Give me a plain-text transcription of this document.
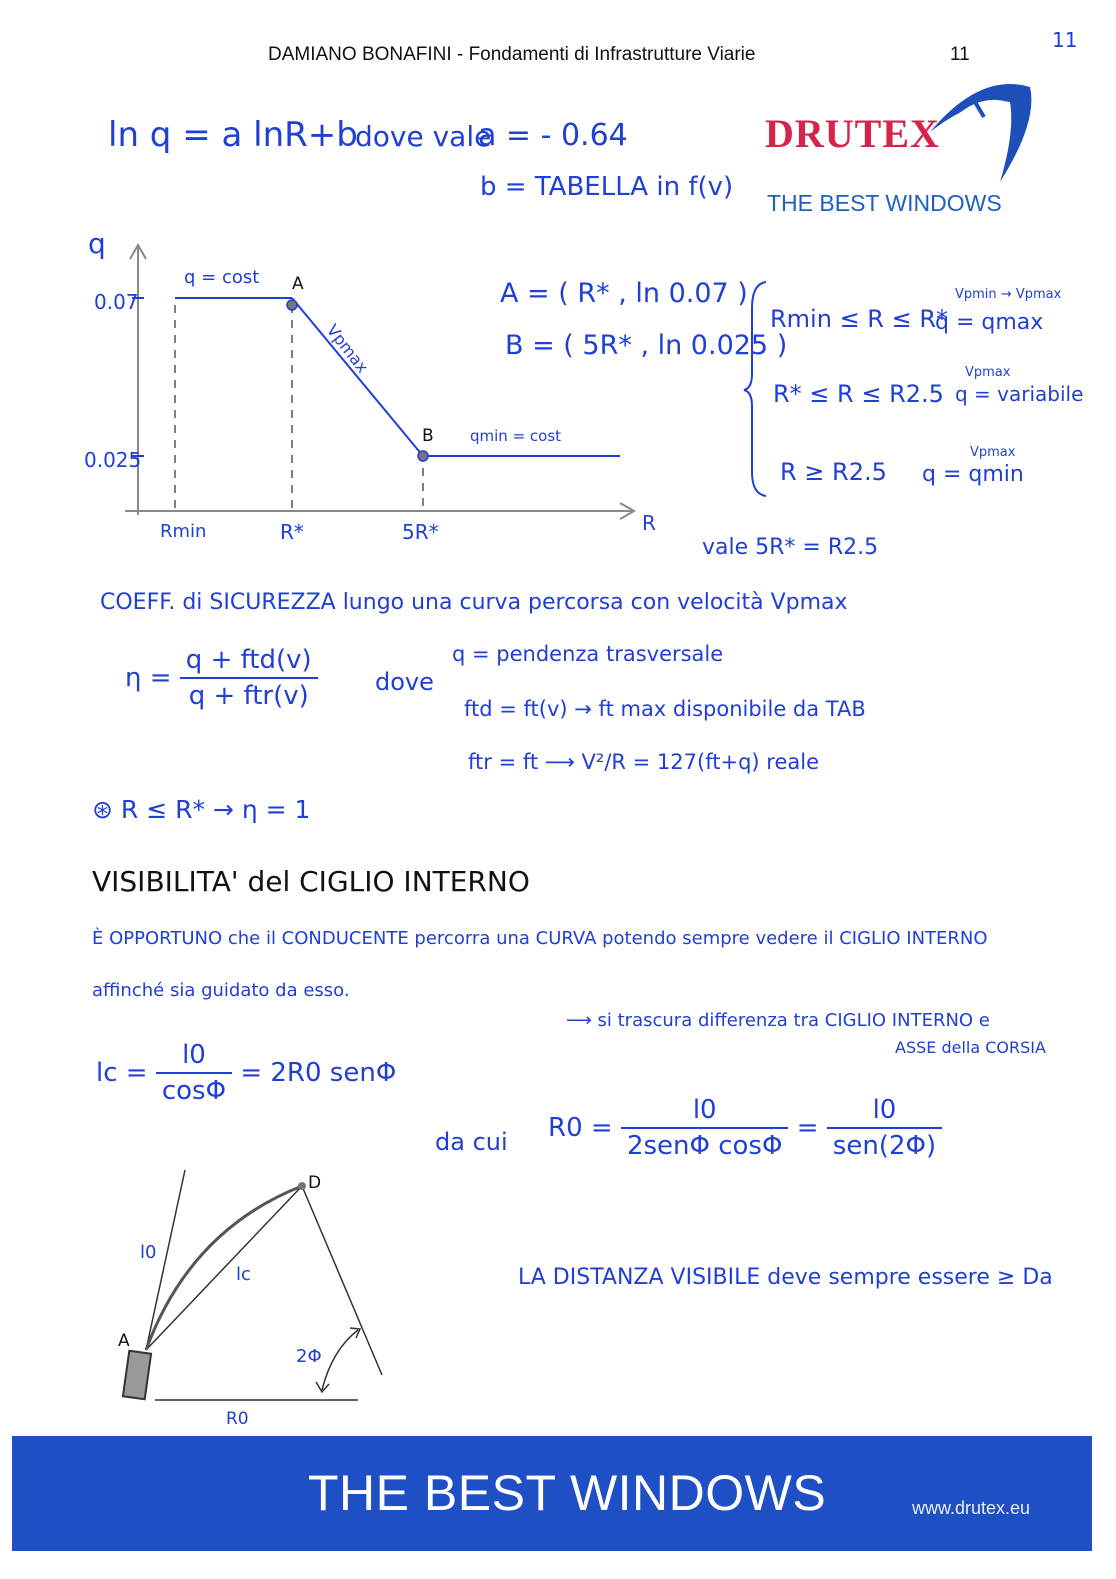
DAMIANO BONAFINI - Fondamenti di Infrastrutture Viarie	11
11
DRUTEX
THE BEST WINDOWS
ln q = a lnR+b
dove vale
a = - 0.64
b = TABELLA in f(v)
q
R
0.07
0.025
Rmin	R*	5R*
q = cost
qmin = cost
A
B
Vpmax
A = ( R* , ln 0.07 )
B = ( 5R* , ln 0.025 )
Rmin ≤ R ≤ R*
q = qmax
Vpmin → Vpmax
R* ≤ R ≤ R2.5 q = variabile
Vpmax
R ≥ R2.5 q = qmin
Vpmax
vale 5R* = R2.5
COEFF. di SICUREZZA lungo una curva percorsa con velocità Vpmax
$\eta = \frac{\text{q + ftd(v)}}{\text{q + ftr(v)}}$ dove
q = pendenza trasversale
ftd = ft(v) → ft max disponibile da TAB
ftr = ft ⟶ V²/R = 127(ft+q) reale
⊛ R ≤ R* → η = 1
VISIBILITA' del CIGLIO INTERNO
È OPPORTUNO che il CONDUCENTE percorra una CURVA potendo sempre vedere il CIGLIO INTERNO
affinché sia guidato da esso.
⟶ si trascura differenza tra CIGLIO INTERNO e
ASSE della CORSIA
lc = $\frac{l0}{\cos\Phi} = 2R0$ senΦ
da cui $R0 = \frac{l0}{\text{2senΦ cosΦ}} = \frac{l0}{\text{sen(2Φ)}}$
LA DISTANZA VISIBILE deve sempre essere ≥ Da
l0
lc
A
D
2Φ
R0
THE BEST WINDOWS	www.drutex.eu
